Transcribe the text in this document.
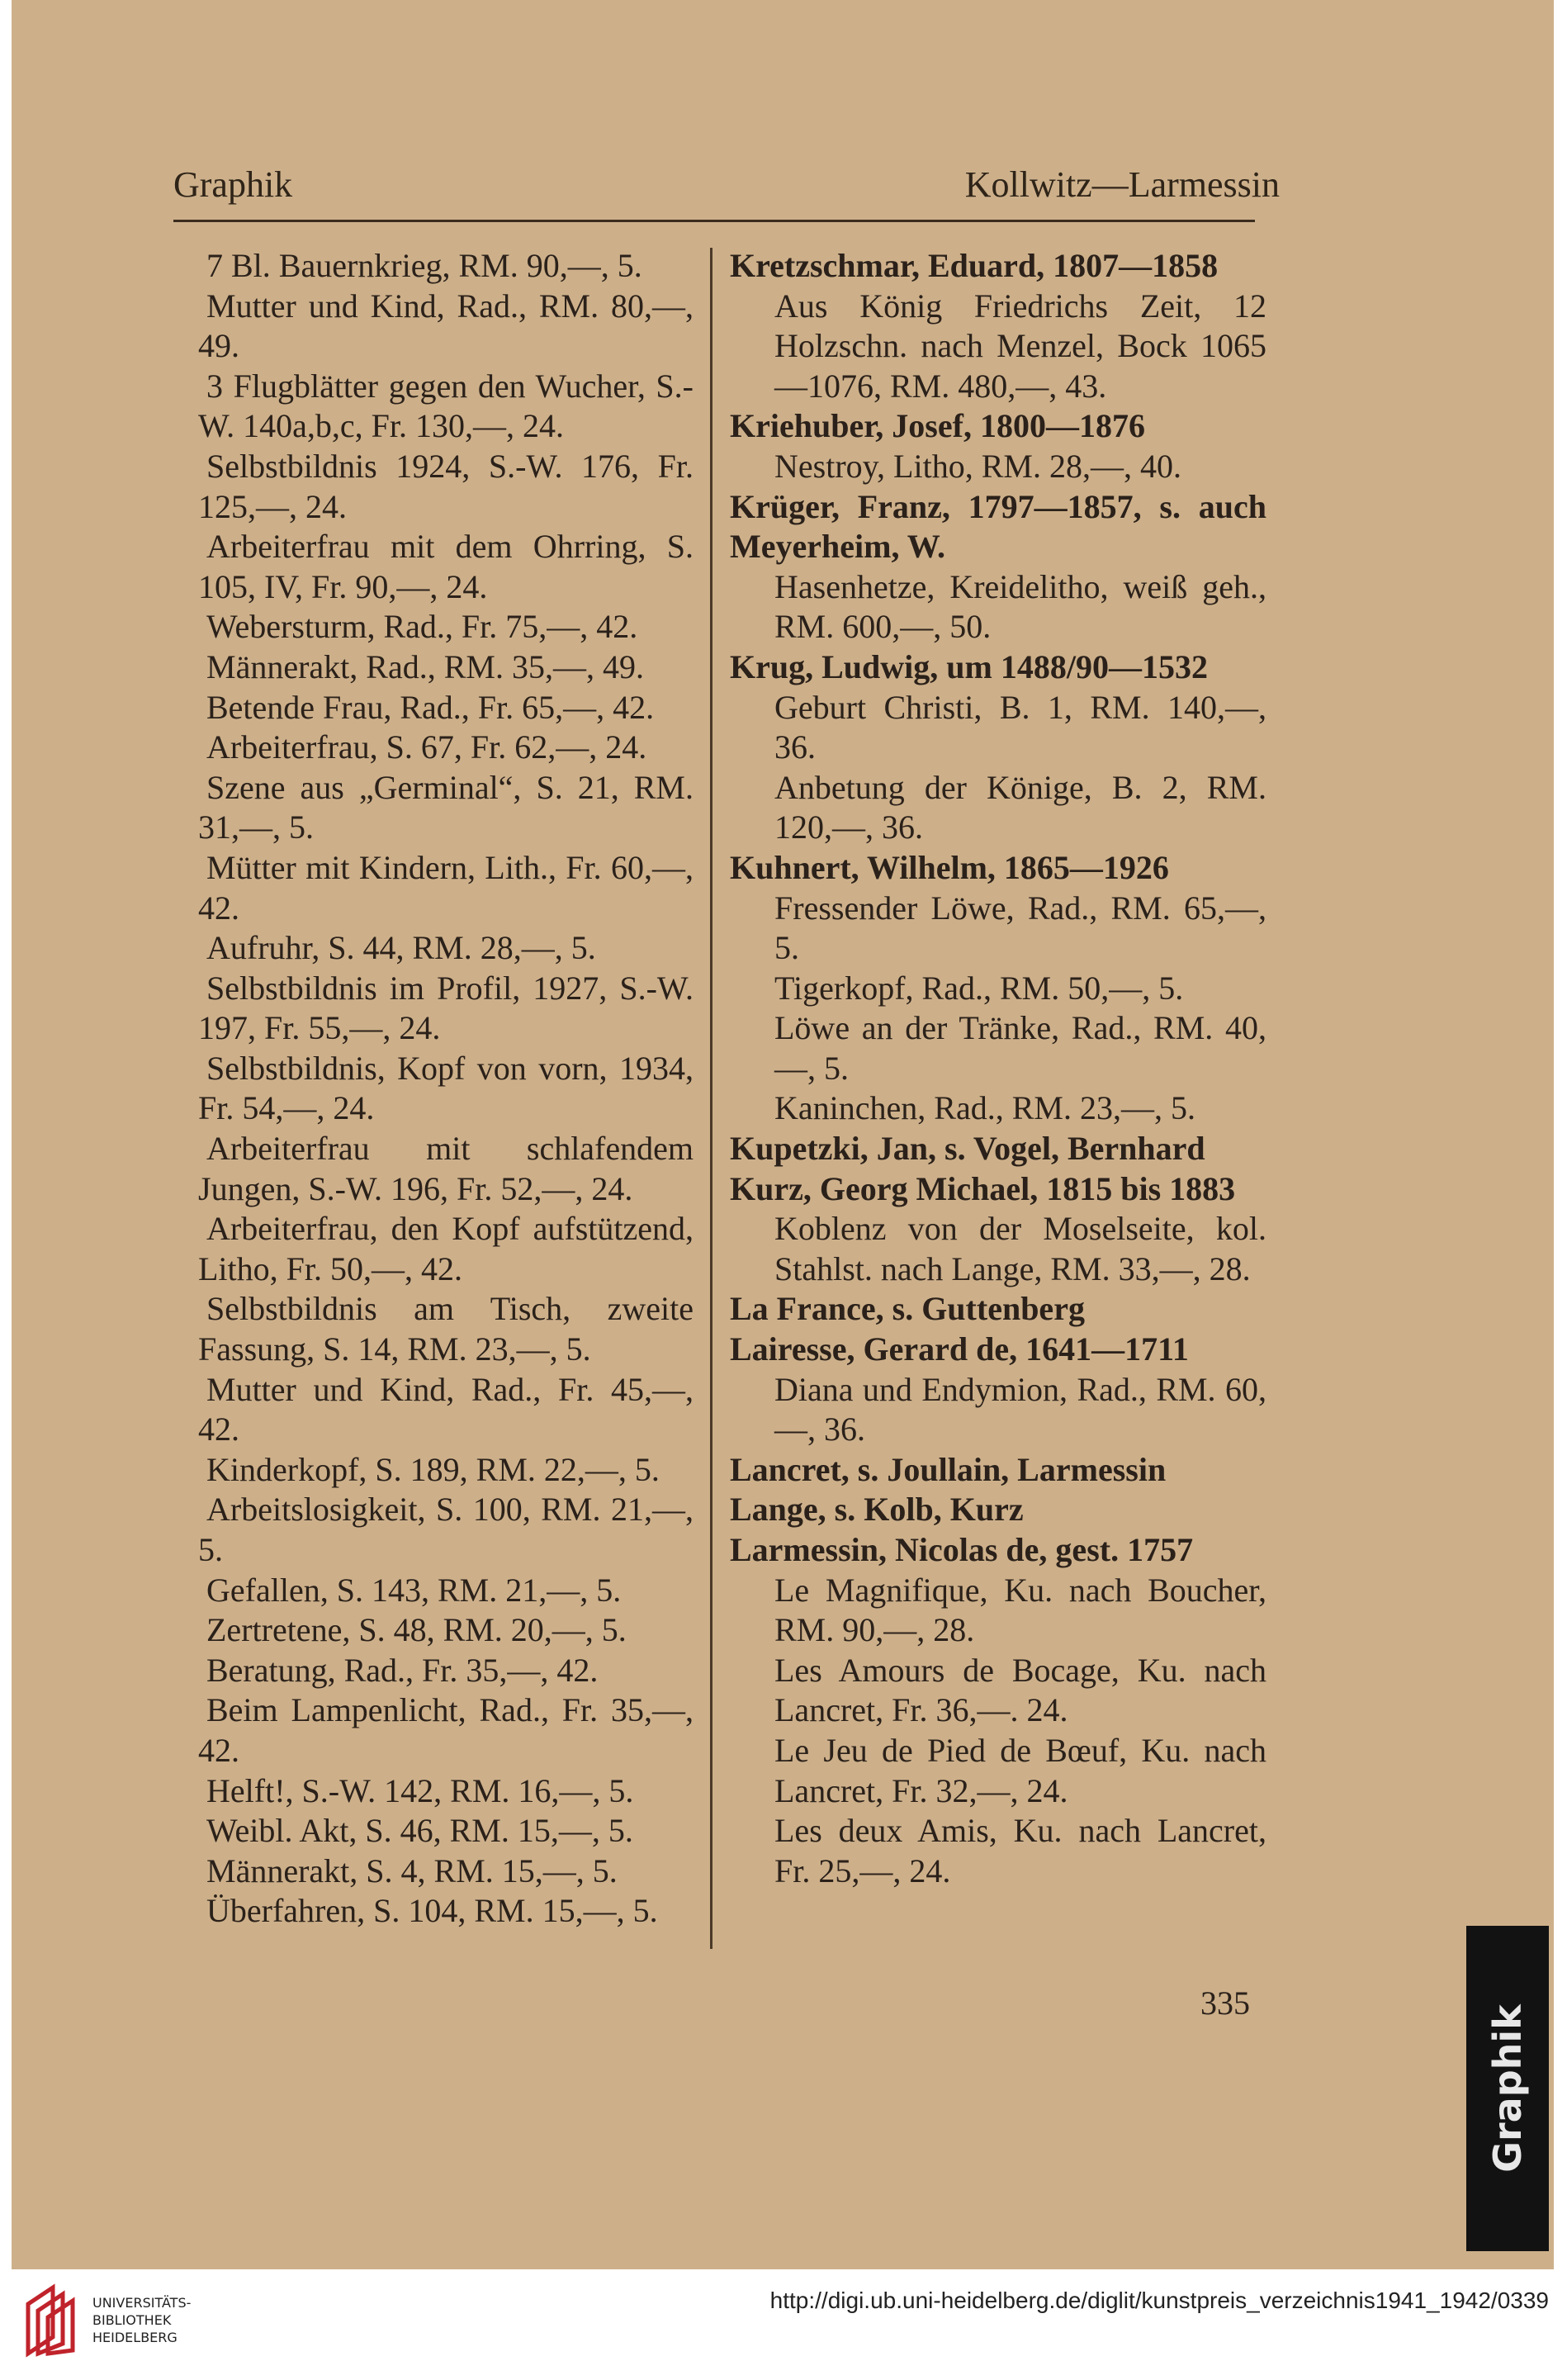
Graphik	Kollwitz—Larmessin
7 Bl. Bauernkrieg, RM. 90,—, 5.
Mutter und Kind, Rad., RM. 80,—, 49.
3 Flugblätter gegen den Wucher, S.-W. 140a,b,c, Fr. 130,—, 24.
Selbstbildnis 1924, S.-W. 176, Fr. 125,—, 24.
Arbeiterfrau mit dem Ohrring, S. 105, IV, Fr. 90,—, 24.
Webersturm, Rad., Fr. 75,—, 42.
Männerakt, Rad., RM. 35,—, 49.
Betende Frau, Rad., Fr. 65,—, 42.
Arbeiterfrau, S. 67, Fr. 62,—, 24.
Szene aus „Germinal“, S. 21, RM. 31,—, 5.
Mütter mit Kindern, Lith., Fr. 60,—, 42.
Aufruhr, S. 44, RM. 28,—, 5.
Selbstbildnis im Profil, 1927, S.-W. 197, Fr. 55,—, 24.
Selbstbildnis, Kopf von vorn, 1934, Fr. 54,—, 24.
Arbeiterfrau mit schlafendem Jungen, S.-W. 196, Fr. 52,—, 24.
Arbeiterfrau, den Kopf aufstützend, Litho, Fr. 50,—, 42.
Selbstbildnis am Tisch, zweite Fassung, S. 14, RM. 23,—, 5.
Mutter und Kind, Rad., Fr. 45,—, 42.
Kinderkopf, S. 189, RM. 22,—, 5.
Arbeitslosigkeit, S. 100, RM. 21,—, 5.
Gefallen, S. 143, RM. 21,—, 5.
Zertretene, S. 48, RM. 20,—, 5.
Beratung, Rad., Fr. 35,—, 42.
Beim Lampenlicht, Rad., Fr. 35,—, 42.
Helft!, S.-W. 142, RM. 16,—, 5.
Weibl. Akt, S. 46, RM. 15,—, 5.
Männerakt, S. 4, RM. 15,—, 5.
Überfahren, S. 104, RM. 15,—, 5.
Kretzschmar, Eduard, 1807—1858
Aus König Friedrichs Zeit, 12 Holzschn. nach Menzel, Bock 1065—1076, RM. 480,—, 43.
Kriehuber, Josef, 1800—1876
Nestroy, Litho, RM. 28,—, 40.
Krüger, Franz, 1797—1857, s. auch Meyerheim, W.
Hasenhetze, Kreidelitho, weiß geh., RM. 600,—, 50.
Krug, Ludwig, um 1488/90—1532
Geburt Christi, B. 1, RM. 140,—, 36.
Anbetung der Könige, B. 2, RM. 120,—, 36.
Kuhnert, Wilhelm, 1865—1926
Fressender Löwe, Rad., RM. 65,—, 5.
Tigerkopf, Rad., RM. 50,—, 5.
Löwe an der Tränke, Rad., RM. 40,—, 5.
Kaninchen, Rad., RM. 23,—, 5.
Kupetzki, Jan, s. Vogel, Bernhard
Kurz, Georg Michael, 1815 bis 1883
Koblenz von der Moselseite, kol. Stahlst. nach Lange, RM. 33,—, 28.
La France, s. Guttenberg
Lairesse, Gerard de, 1641—1711
Diana und Endymion, Rad., RM. 60,—, 36.
Lancret, s. Joullain, Larmessin
Lange, s. Kolb, Kurz
Larmessin, Nicolas de, gest. 1757
Le Magnifique, Ku. nach Boucher, RM. 90,—, 28.
Les Amours de Bocage, Ku. nach Lancret, Fr. 36,—. 24.
Le Jeu de Pied de Bœuf, Ku. nach Lancret, Fr. 32,—, 24.
Les deux Amis, Ku. nach Lancret, Fr. 25,—, 24.
335
Graphik
UNIVERSITÄTS-
BIBLIOTHEK
HEIDELBERG
http://digi.ub.uni-heidelberg.de/diglit/kunstpreis_verzeichnis1941_1942/0339
